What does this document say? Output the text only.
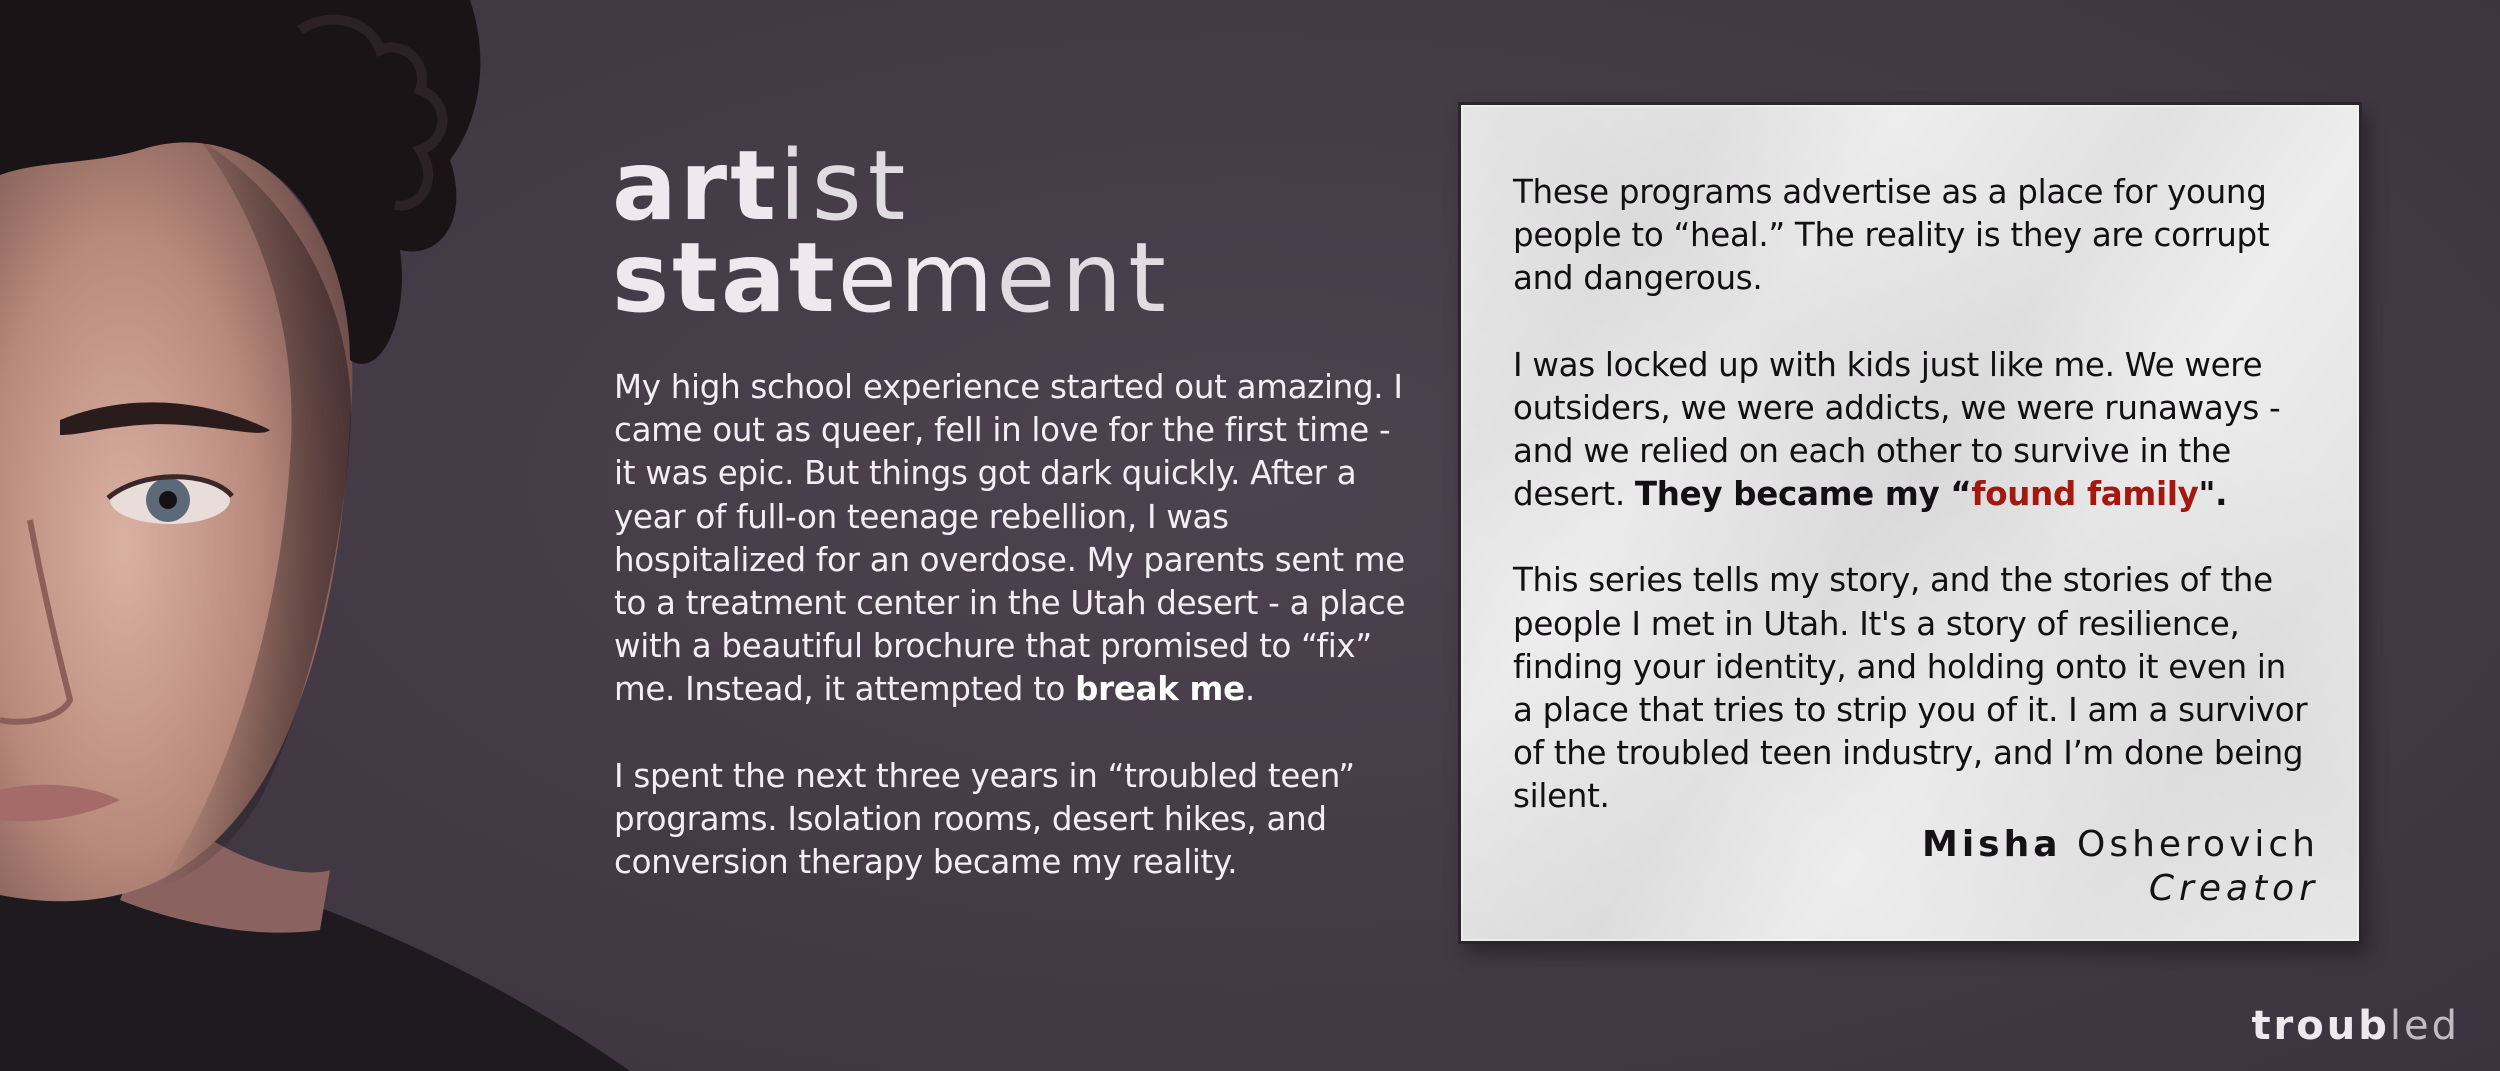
artist
statement

My high school experience started out amazing. I came out as queer, fell in love for the first time - it was epic. But things got dark quickly. After a year of full-on teenage rebellion, I was hospitalized for an overdose. My parents sent me to a treatment center in the Utah desert - a place with a beautiful brochure that promised to “fix” me. Instead, it attempted to break me.

I spent the next three years in “troubled teen” programs. Isolation rooms, desert hikes, and conversion therapy became my reality.

These programs advertise as a place for young people to “heal.” The reality is they are corrupt and dangerous.

I was locked up with kids just like me. We were outsiders, we were addicts, we were runaways - and we relied on each other to survive in the desert. They became my “found family".

This series tells my story, and the stories of the people I met in Utah. It's a story of resilience, finding your identity, and holding onto it even in a place that tries to strip you of it. I am a survivor of the troubled teen industry, and I’m done being silent.

Misha Osherovich
Creator
troubled
